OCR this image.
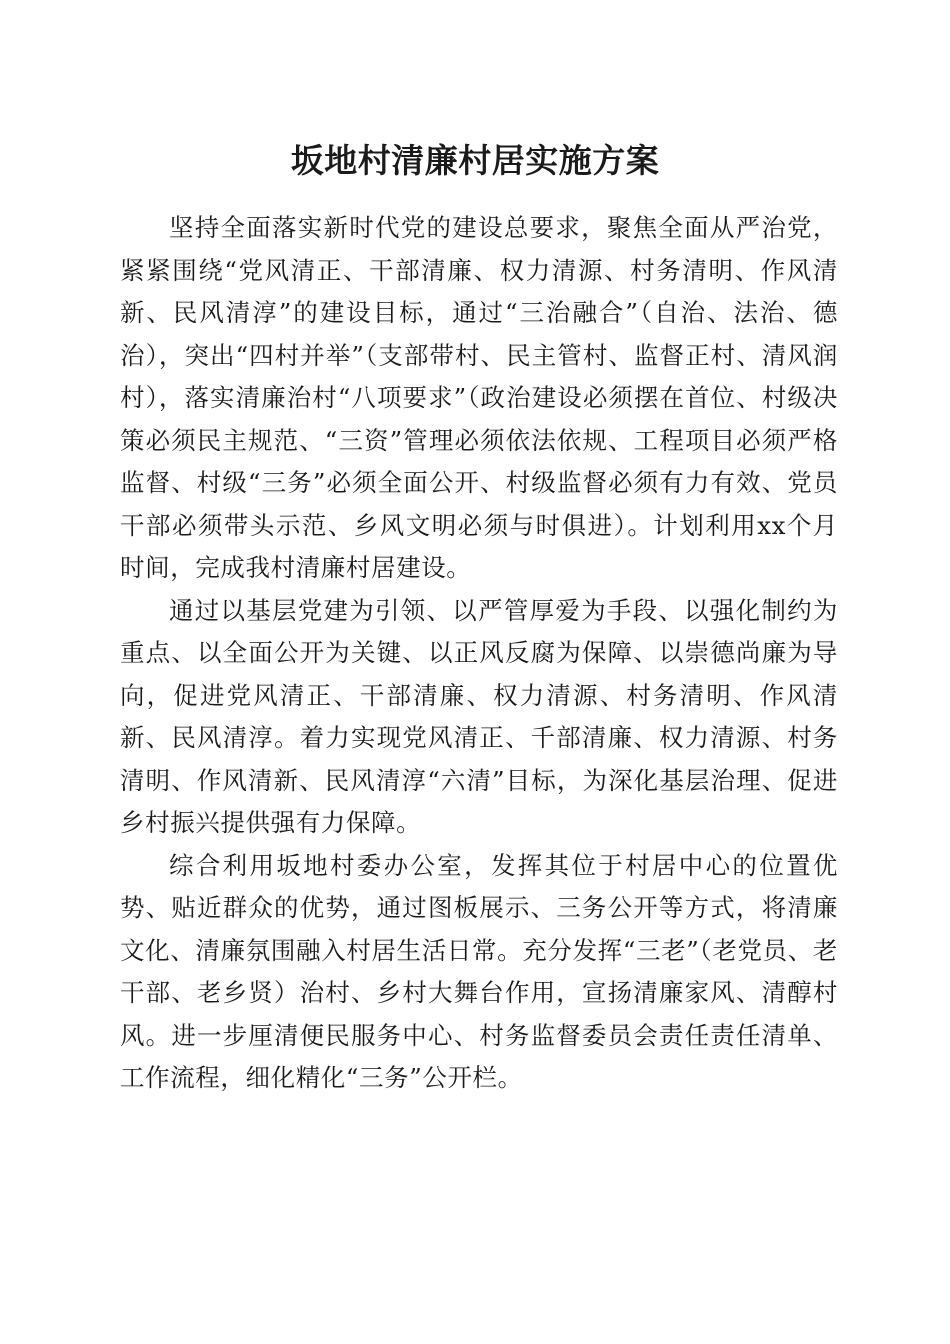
坂地村清廉村居实施方案

坚持全面落实新时代党的建设总要求，聚焦全面从严治党，紧紧围绕“党风清正、干部清廉、权力清源、村务清明、作风清新、民风清淳”的建设目标，通过“三治融合”（自治、法治、德治），突出“四村并举”（支部带村、民主管村、监督正村、清风润村），落实清廉治村“八项要求”（政治建设必须摆在首位、村级决策必须民主规范、“三资”管理必须依法依规、工程项目必须严格监督、村级“三务”必须全面公开、村级监督必须有力有效、党员干部必须带头示范、乡风文明必须与时俱进）。计划利用xx个月时间，完成我村清廉村居建设。

通过以基层党建为引领、以严管厚爱为手段、以强化制约为重点、以全面公开为关键、以正风反腐为保障、以崇德尚廉为导向，促进党风清正、干部清廉、权力清源、村务清明、作风清新、民风清淳。着力实现党风清正、千部清廉、权力清源、村务清明、作风清新、民风清淳“六清”目标，为深化基层治理、促进乡村振兴提供强有力保障。

综合利用坂地村委办公室，发挥其位于村居中心的位置优势、贴近群众的优势，通过图板展示、三务公开等方式，将清廉文化、清廉氛围融入村居生活日常。充分发挥“三老”（老党员、老干部、老乡贤）治村、乡村大舞台作用，宣扬清廉家风、清醇村风。进一步厘清便民服务中心、村务监督委员会责任责任清单、工作流程，细化精化“三务”公开栏。
